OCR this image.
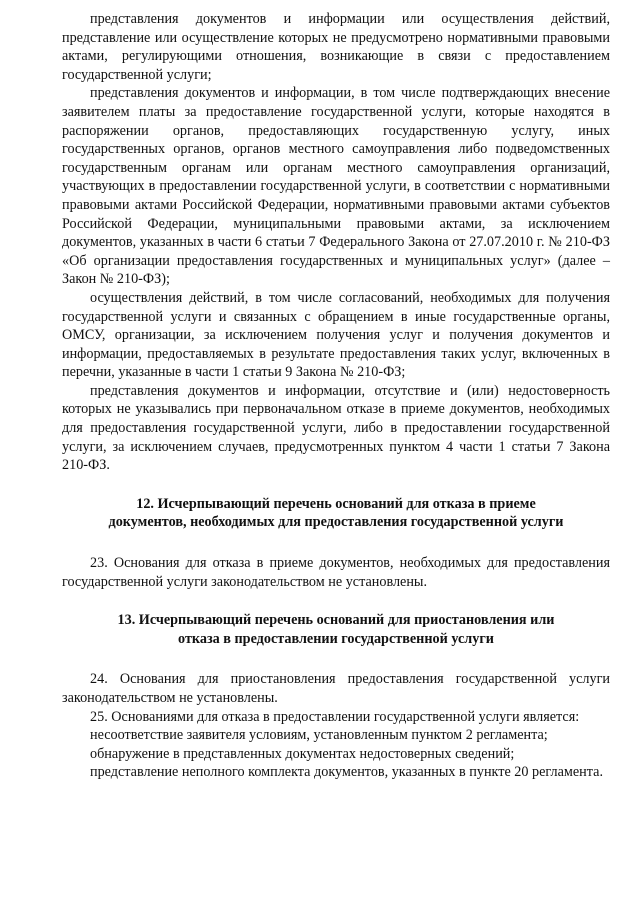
представления документов и информации или осуществления действий, представление или осуществление которых не предусмотрено нормативными правовыми актами, регулирующими отношения, возникающие в связи с предоставлением государственной услуги;

представления документов и информации, в том числе подтверждающих внесение заявителем платы за предоставление государственной услуги, которые находятся в распоряжении органов, предоставляющих государственную услугу, иных государственных органов, органов местного самоуправления либо подведомственных государственным органам или органам местного самоуправления организаций, участвующих в предоставлении государственной услуги, в соответствии с нормативными правовыми актами Российской Федерации, нормативными правовыми актами субъектов Российской Федерации, муниципальными правовыми актами, за исключением документов, указанных в части 6 статьи 7 Федерального Закона от 27.07.2010 г. № 210-ФЗ «Об организации предоставления государственных и муниципальных услуг» (далее – Закон № 210-ФЗ);

осуществления действий, в том числе согласований, необходимых для получения государственной услуги и связанных с обращением в иные государственные органы, ОМСУ, организации, за исключением получения услуг и получения документов и информации, предоставляемых в результате предоставления таких услуг, включенных в перечни, указанные в части 1 статьи 9 Закона № 210-ФЗ;

представления документов и информации, отсутствие и (или) недостоверность которых не указывались при первоначальном отказе в приеме документов, необходимых для предоставления государственной услуги, либо в предоставлении государственной услуги, за исключением случаев, предусмотренных пунктом 4 части 1 статьи 7 Закона 210-ФЗ.

12. Исчерпывающий перечень оснований для отказа в приеме документов, необходимых для предоставления государственной услуги

23. Основания для отказа в приеме документов, необходимых для предоставления государственной услуги законодательством не установлены.

13. Исчерпывающий перечень оснований для приостановления или отказа в предоставлении государственной услуги

24. Основания для приостановления предоставления государственной услуги законодательством не установлены.

25. Основаниями для отказа в предоставлении государственной услуги является:

несоответствие заявителя условиям, установленным пунктом 2 регламента;

обнаружение в представленных документах недостоверных сведений;

представление неполного комплекта документов, указанных в пункте 20 регламента.
